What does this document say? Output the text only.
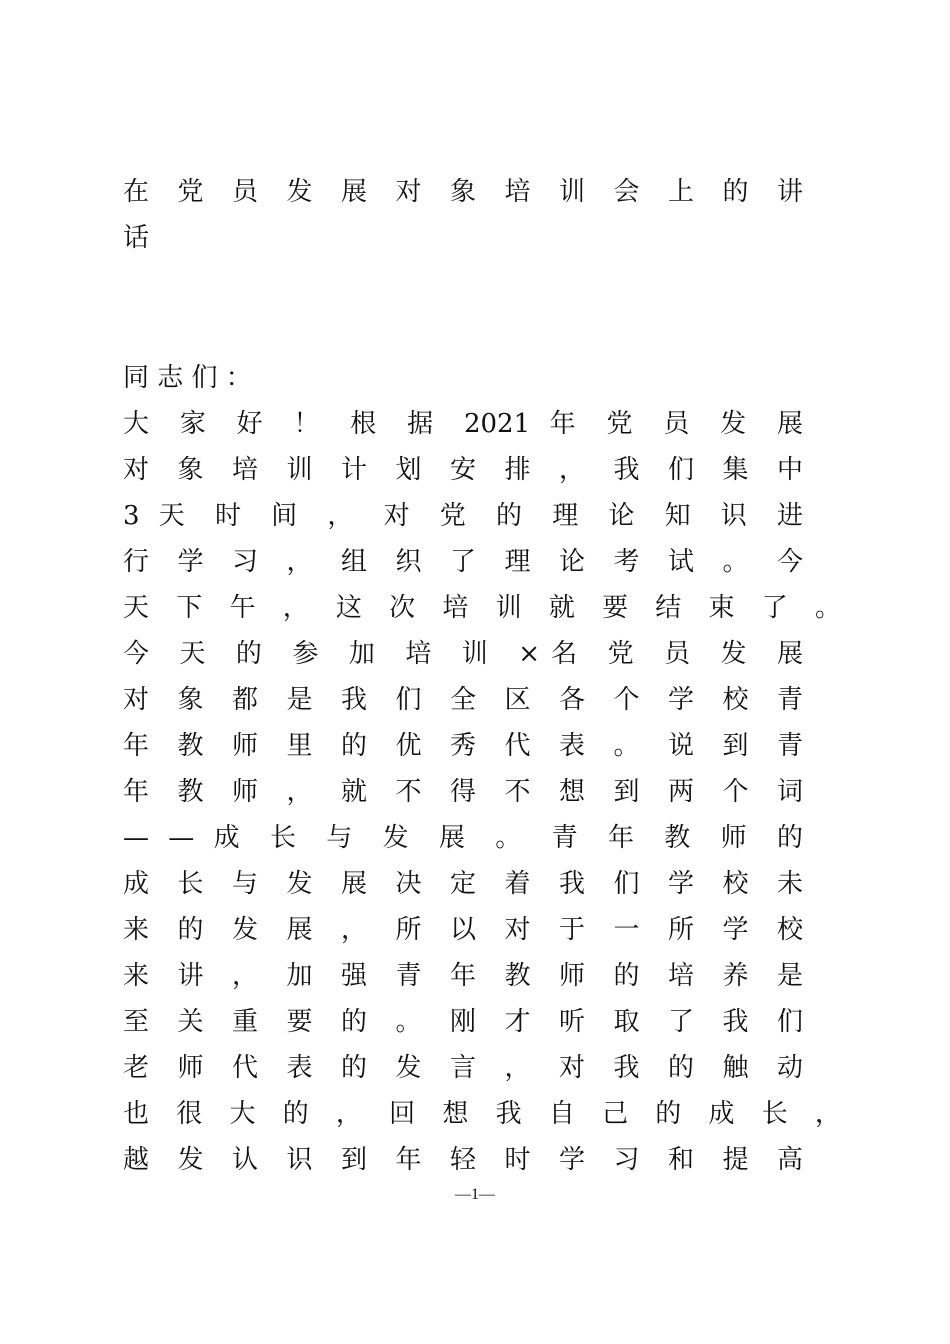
在 党 员 发 展 对 象 培 训 会 上 的 讲
话
同 志 们 ：
大 家 好 ！ 根 据 2021 年 党 员 发 展
对 象 培 训 计 划 安 排 ， 我 们 集 中
3 天 时 间 ， 对 党 的 理 论 知 识 进
行 学 习 ， 组 织 了 理 论 考 试 。 今
天 下 午 ， 这 次 培 训 就 要 结 束 了 。
今 天 的 参 加 培 训 ×名 党 员 发 展
对 象 都 是 我 们 全 区 各 个 学 校 青
年 教 师 里 的 优 秀 代 表 。 说 到 青
年 教 师 ， 就 不 得 不 想 到 两 个 词
— — 成 长 与 发 展 。 青 年 教 师 的
成 长 与 发 展 决 定 着 我 们 学 校 未
来 的 发 展 ， 所 以 对 于 一 所 学 校
来 讲 ， 加 强 青 年 教 师 的 培 养 是
至 关 重 要 的 。 刚 才 听 取 了 我 们
老 师 代 表 的 发 言 ， 对 我 的 触 动
也 很 大 的 ， 回 想 我 自 己 的 成 长 ，
越 发 认 识 到 年 轻 时 学 习 和 提 高
—1—
